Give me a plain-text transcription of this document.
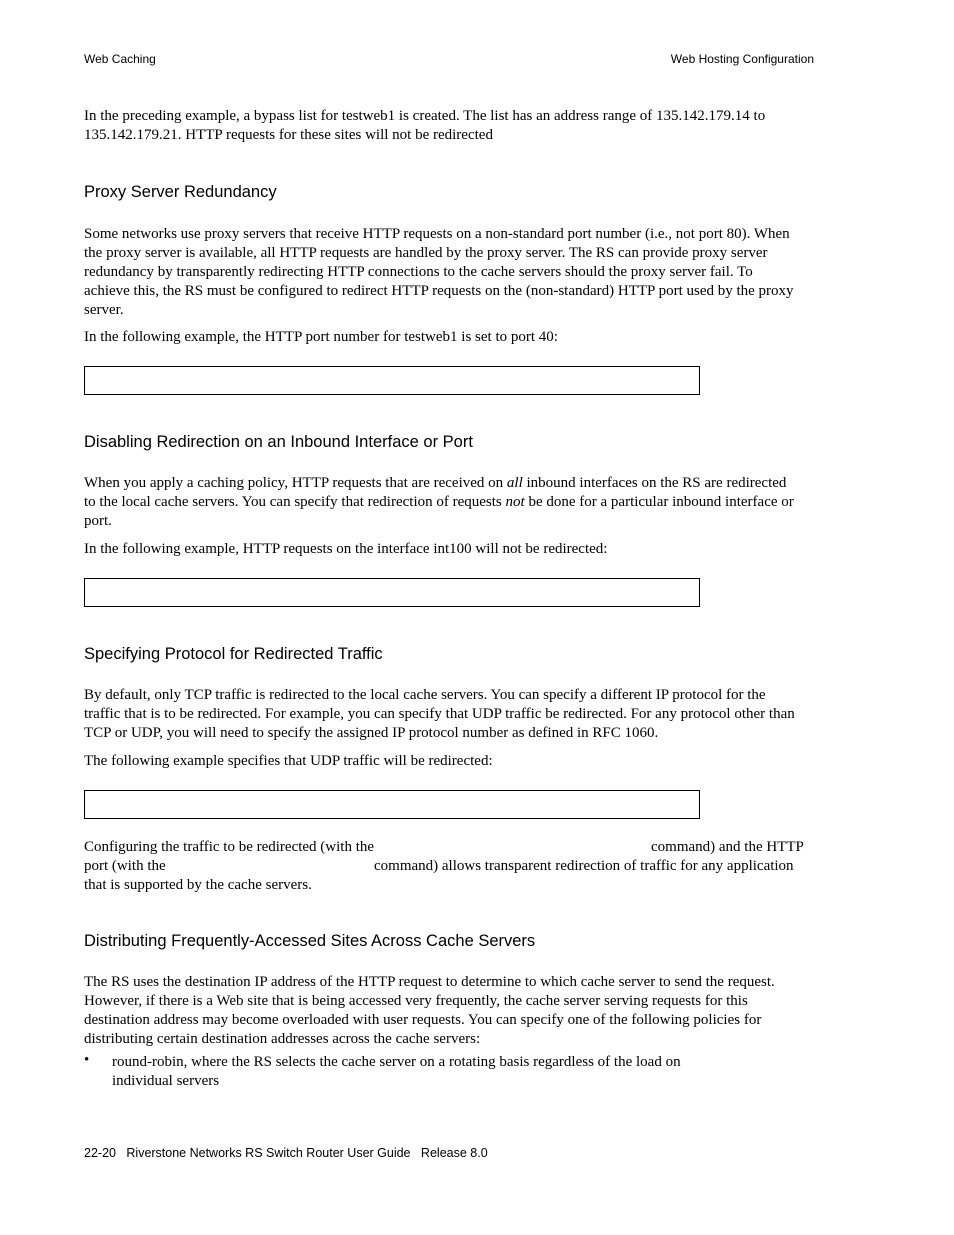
Web Caching	Web Hosting Configuration
In the preceding example, a bypass list for testweb1 is created. The list has an address range of 135.142.179.14 to
135.142.179.21. HTTP requests for these sites will not be redirected
Proxy Server Redundancy
Some networks use proxy servers that receive HTTP requests on a non-standard port number (i.e., not port 80). When
the proxy server is available, all HTTP requests are handled by the proxy server. The RS can provide proxy server
redundancy by transparently redirecting HTTP connections to the cache servers should the proxy server fail. To
achieve this, the RS must be configured to redirect HTTP requests on the (non-standard) HTTP port used by the proxy
server.
In the following example, the HTTP port number for testweb1 is set to port 40:
Disabling Redirection on an Inbound Interface or Port
When you apply a caching policy, HTTP requests that are received on all inbound interfaces on the RS are redirected
to the local cache servers. You can specify that redirection of requests not be done for a particular inbound interface or
port.
In the following example, HTTP requests on the interface int100 will not be redirected:
Specifying Protocol for Redirected Traffic
By default, only TCP traffic is redirected to the local cache servers. You can specify a different IP protocol for the
traffic that is to be redirected. For example, you can specify that UDP traffic be redirected. For any protocol other than
TCP or UDP, you will need to specify the assigned IP protocol number as defined in RFC 1060.
The following example specifies that UDP traffic will be redirected:
Configuring the traffic to be redirected (with the	command) and the HTTP
port (with the	command) allows transparent redirection of traffic for any application
that is supported by the cache servers.
Distributing Frequently-Accessed Sites Across Cache Servers
The RS uses the destination IP address of the HTTP request to determine to which cache server to send the request.
However, if there is a Web site that is being accessed very frequently, the cache server serving requests for this
destination address may become overloaded with user requests. You can specify one of the following policies for
distributing certain destination addresses across the cache servers:
• round-robin, where the RS selects the cache server on a rotating basis regardless of the load on
individual servers
22-20   Riverstone Networks RS Switch Router User Guide   Release 8.0
